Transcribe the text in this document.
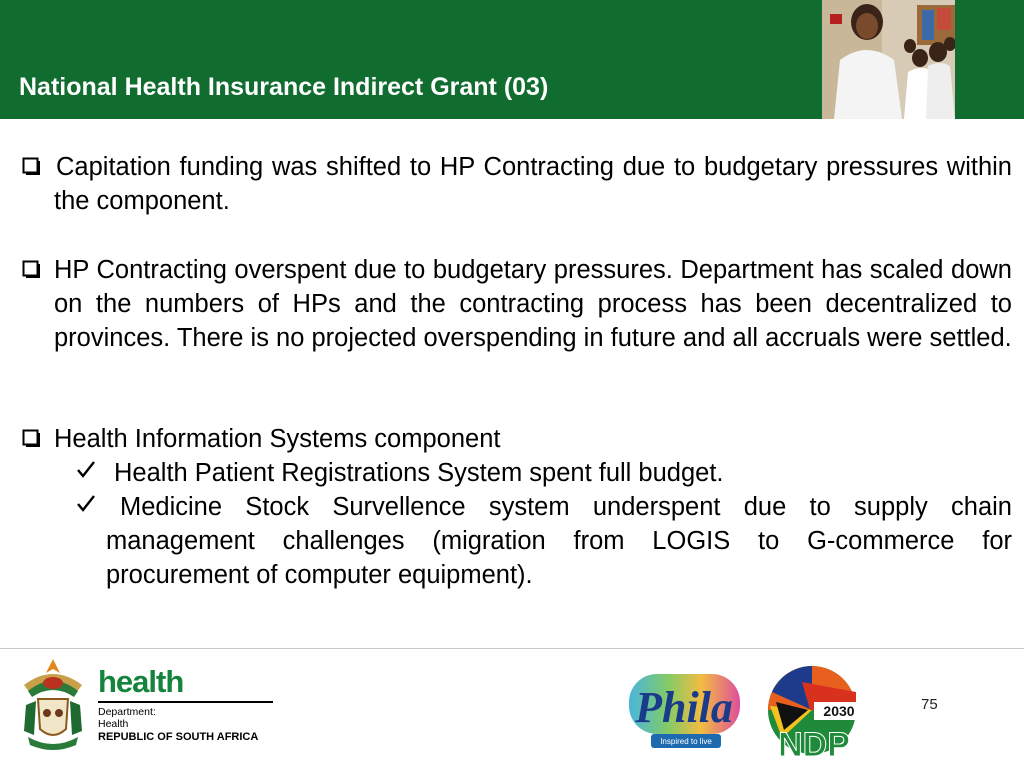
National Health Insurance Indirect Grant (03)
Capitation funding was shifted to HP Contracting due to budgetary pressures within the component.
HP Contracting overspent due to budgetary pressures. Department has scaled down on the numbers of HPs and the contracting process has been decentralized to provinces. There is no projected overspending in future and all accruals were settled.
Health Information Systems component
Health Patient Registrations System spent full budget.
Medicine Stock Survellence system underspent due to supply chain management challenges (migration from LOGIS to G-commerce for procurement of computer equipment).
health
Department:
Health
REPUBLIC OF SOUTH AFRICA
Phila
Inspired to live
2030
NDP
75
